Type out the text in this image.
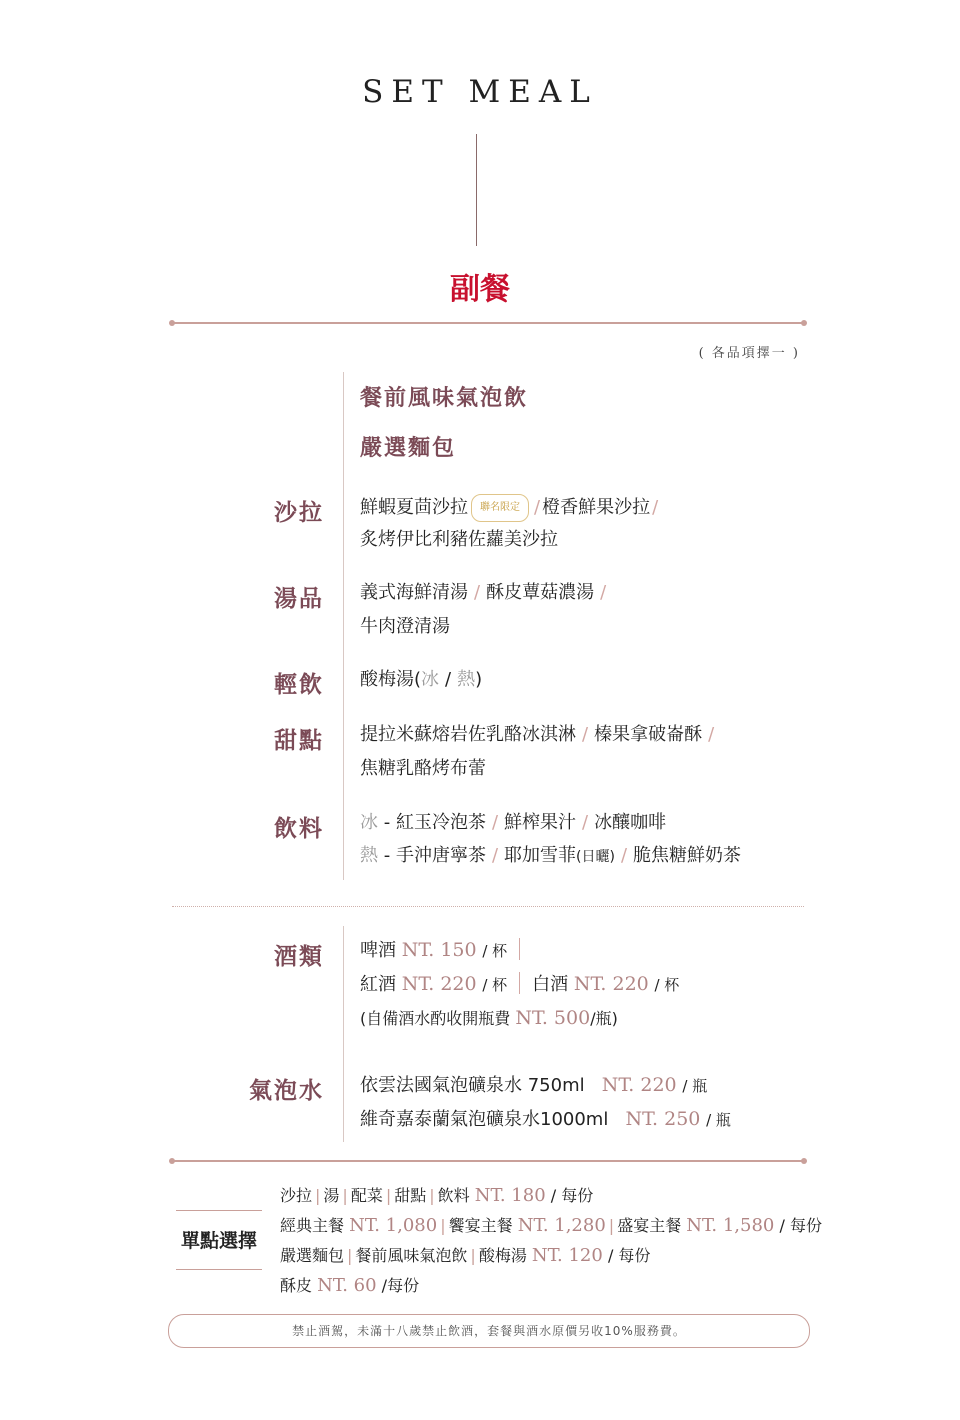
SET MEAL
副餐
( 各品項擇一 )
餐前風味氣泡飲
嚴選麵包
沙拉 鮮蝦夏茴沙拉 聯名限定 / 橙香鮮果沙拉 /
炙烤伊比利豬佐蘿美沙拉
湯品 義式海鮮清湯 / 酥皮蕈菇濃湯 /
牛肉澄清湯
輕飲 酸梅湯(冰 / 熱)
甜點 提拉米蘇熔岩佐乳酪冰淇淋 / 榛果拿破崙酥 /
焦糖乳酪烤布蕾
飲料 冰 - 紅玉冷泡茶 / 鮮榨果汁 / 冰釀咖啡
熱 - 手沖唐寧茶 / 耶加雪菲(日曬) / 脆焦糖鮮奶茶
酒類 啤酒 NT. 150 / 杯
紅酒 NT. 220 / 杯 白酒 NT. 220 / 杯
(自備酒水酌收開瓶費 NT. 500/瓶)
氣泡水 依雲法國氣泡礦泉水 750ml NT. 220 / 瓶
維奇嘉泰蘭氣泡礦泉水1000ml NT. 250 / 瓶
單點選擇
沙拉 | 湯 | 配菜 | 甜點 | 飲料 NT. 180 / 每份
經典主餐 NT. 1,080 | 饗宴主餐 NT. 1,280 | 盛宴主餐 NT. 1,580 / 每份
嚴選麵包 | 餐前風味氣泡飲 | 酸梅湯 NT. 120 / 每份
酥皮 NT. 60 /每份
禁止酒駕，未滿十八歲禁止飲酒，套餐與酒水原價另收10%服務費。
